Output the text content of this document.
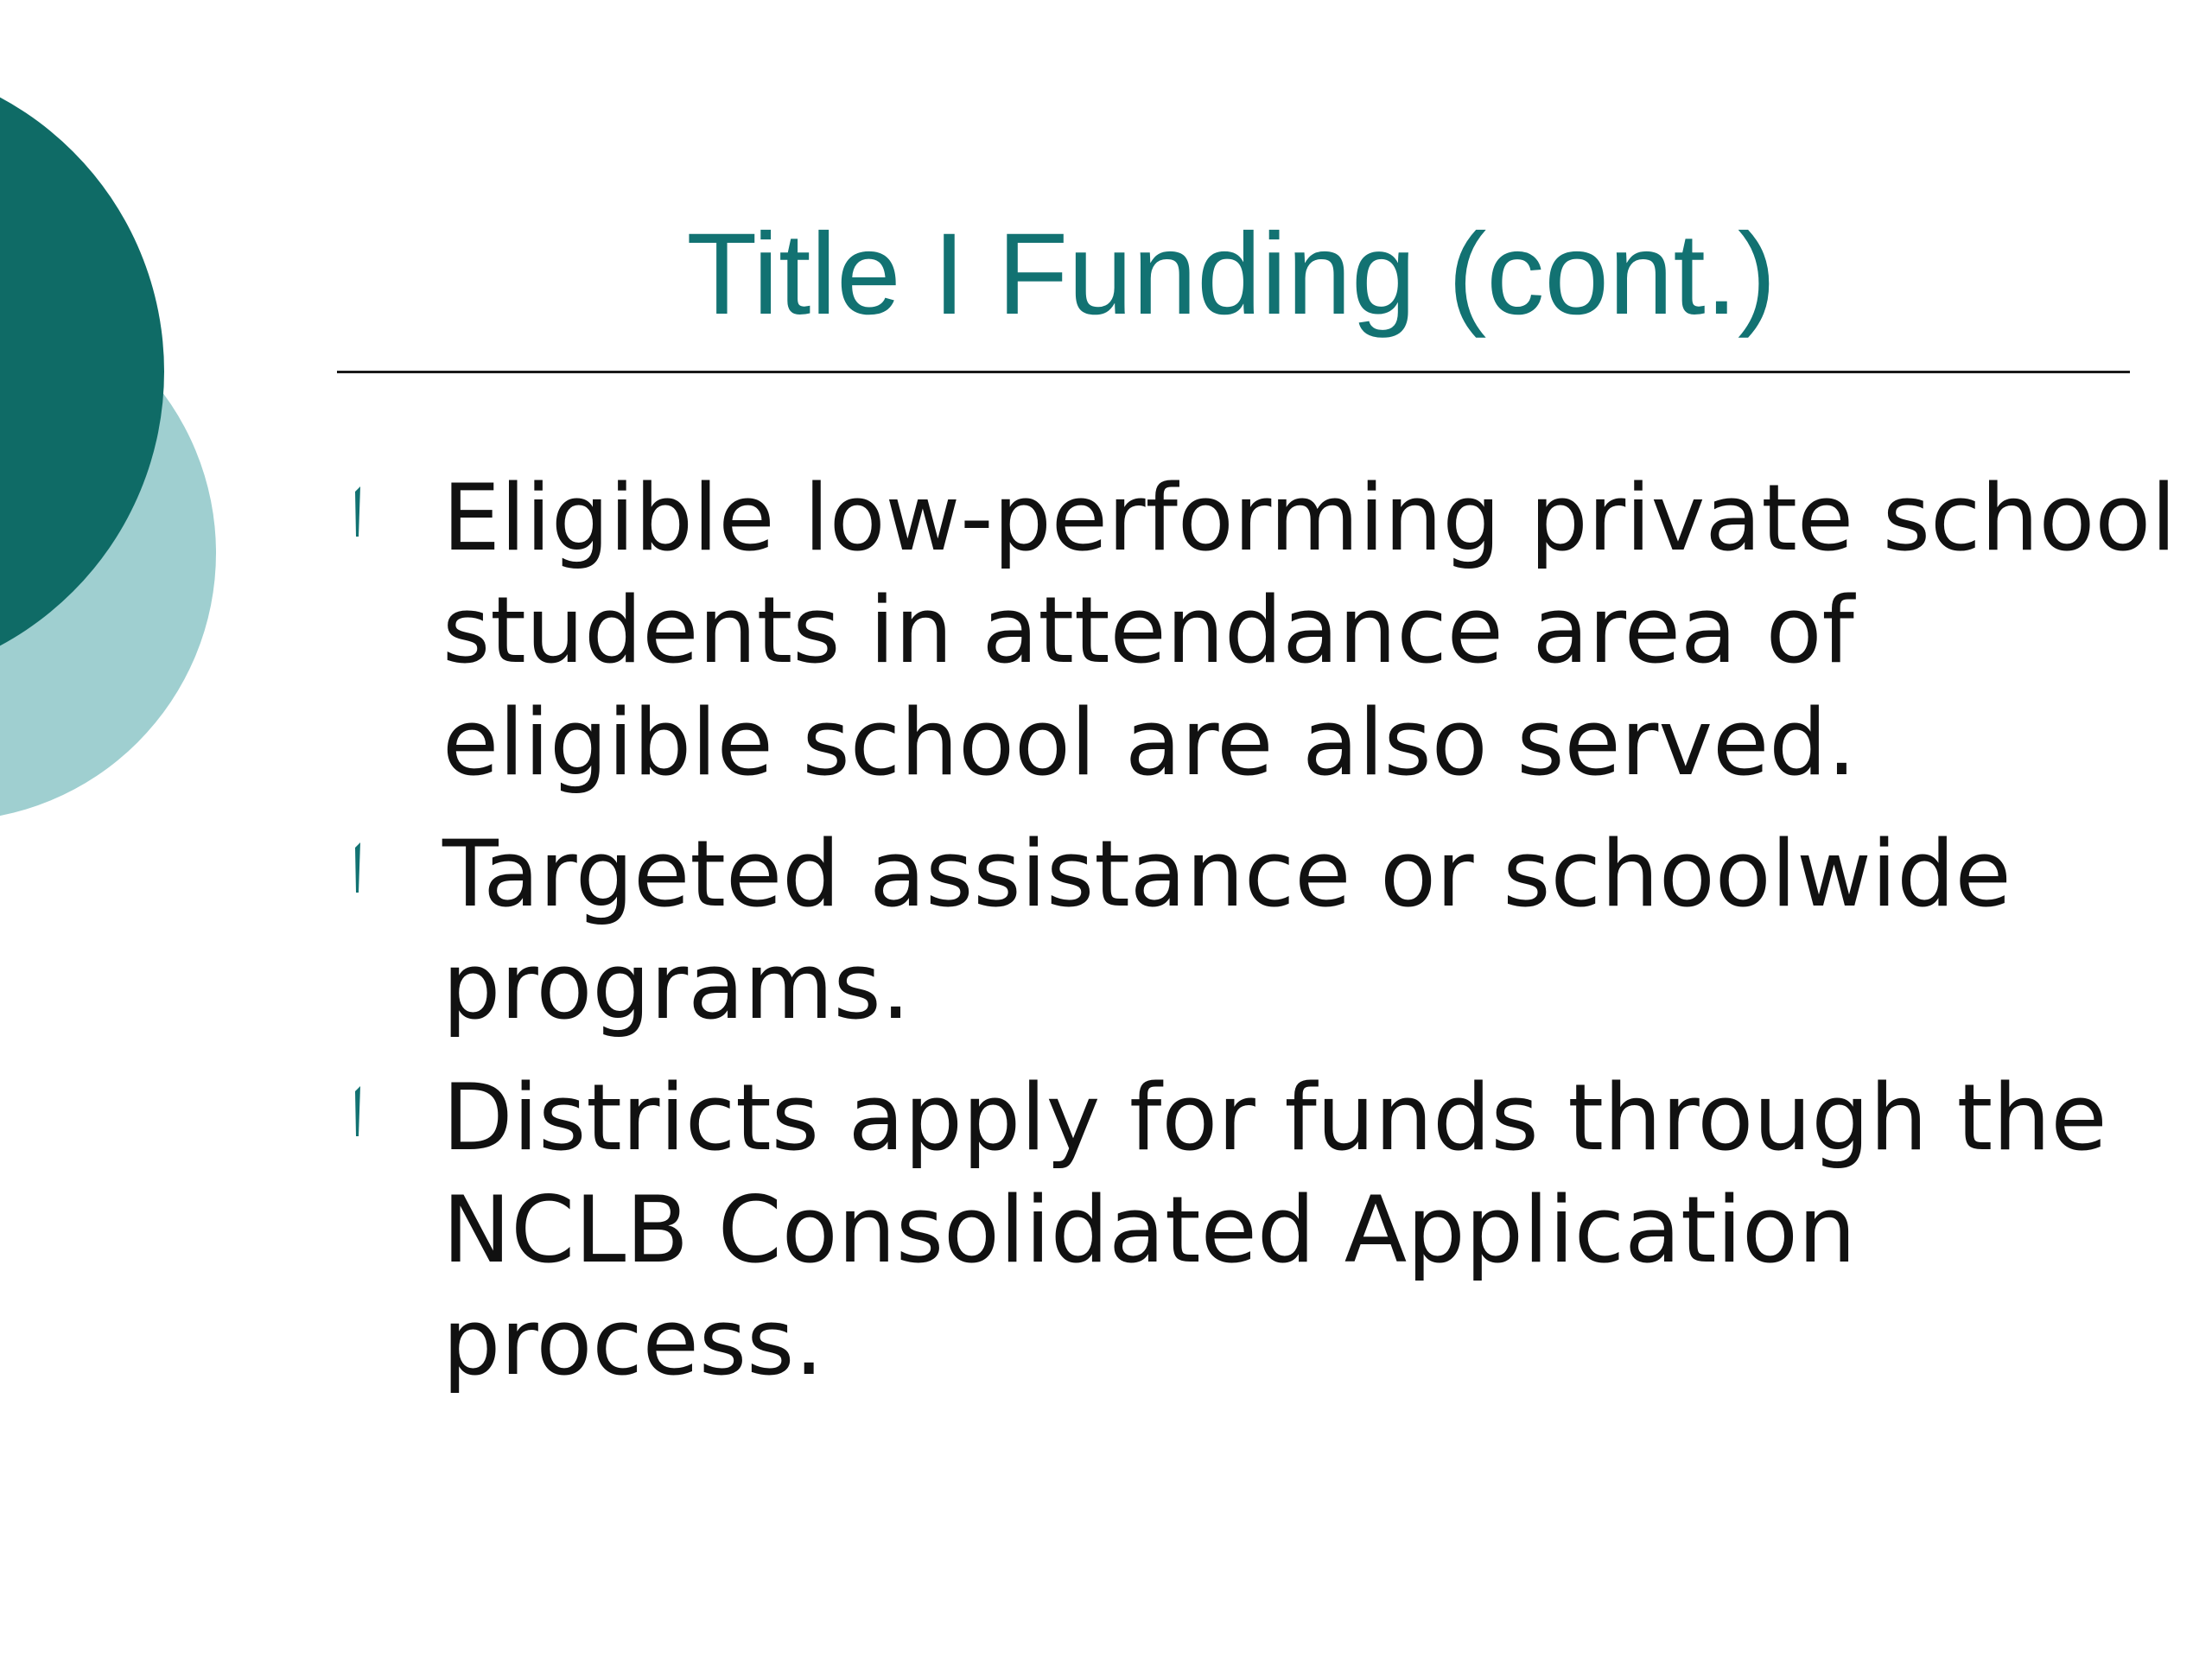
Title I Funding (cont.)
Eligible low-performing private school students in attendance area of eligible school are also served.
Targeted assistance or schoolwide programs.
Districts apply for funds through the NCLB Consolidated Application process.
